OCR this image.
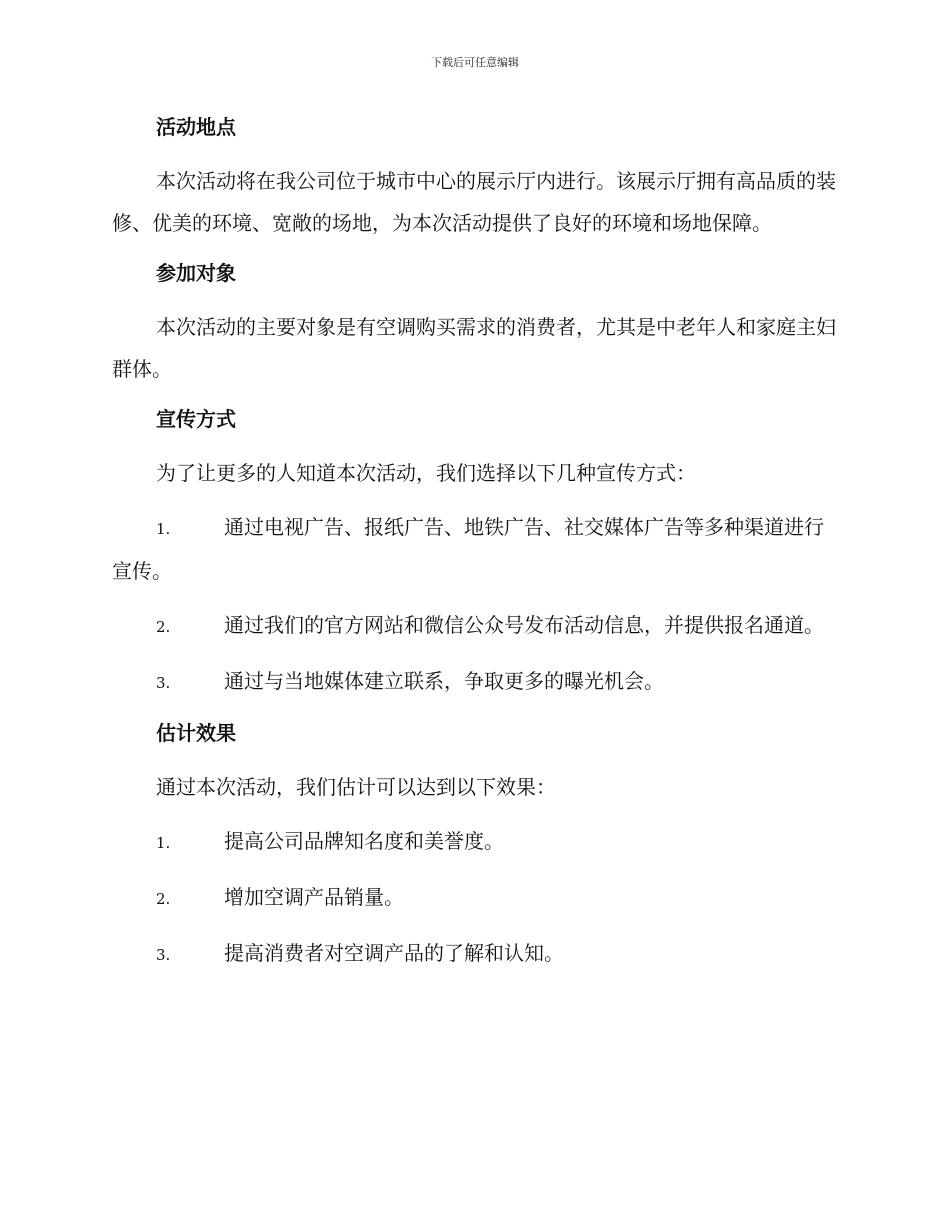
下载后可任意编辑
活动地点

本次活动将在我公司位于城市中心的展示厅内进行。该展示厅拥有高品质的装修、优美的环境、宽敞的场地，为本次活动提供了良好的环境和场地保障。

参加对象

本次活动的主要对象是有空调购买需求的消费者，尤其是中老年人和家庭主妇群体。

宣传方式

为了让更多的人知道本次活动，我们选择以下几种宣传方式：

1.	通过电视广告、报纸广告、地铁广告、社交媒体广告等多种渠道进行宣传。
2.	通过我们的官方网站和微信公众号发布活动信息，并提供报名通道。
3.	通过与当地媒体建立联系，争取更多的曝光机会。
估计效果

通过本次活动，我们估计可以达到以下效果：

1.	提高公司品牌知名度和美誉度。
2.	增加空调产品销量。
3.	提高消费者对空调产品的了解和认知。
